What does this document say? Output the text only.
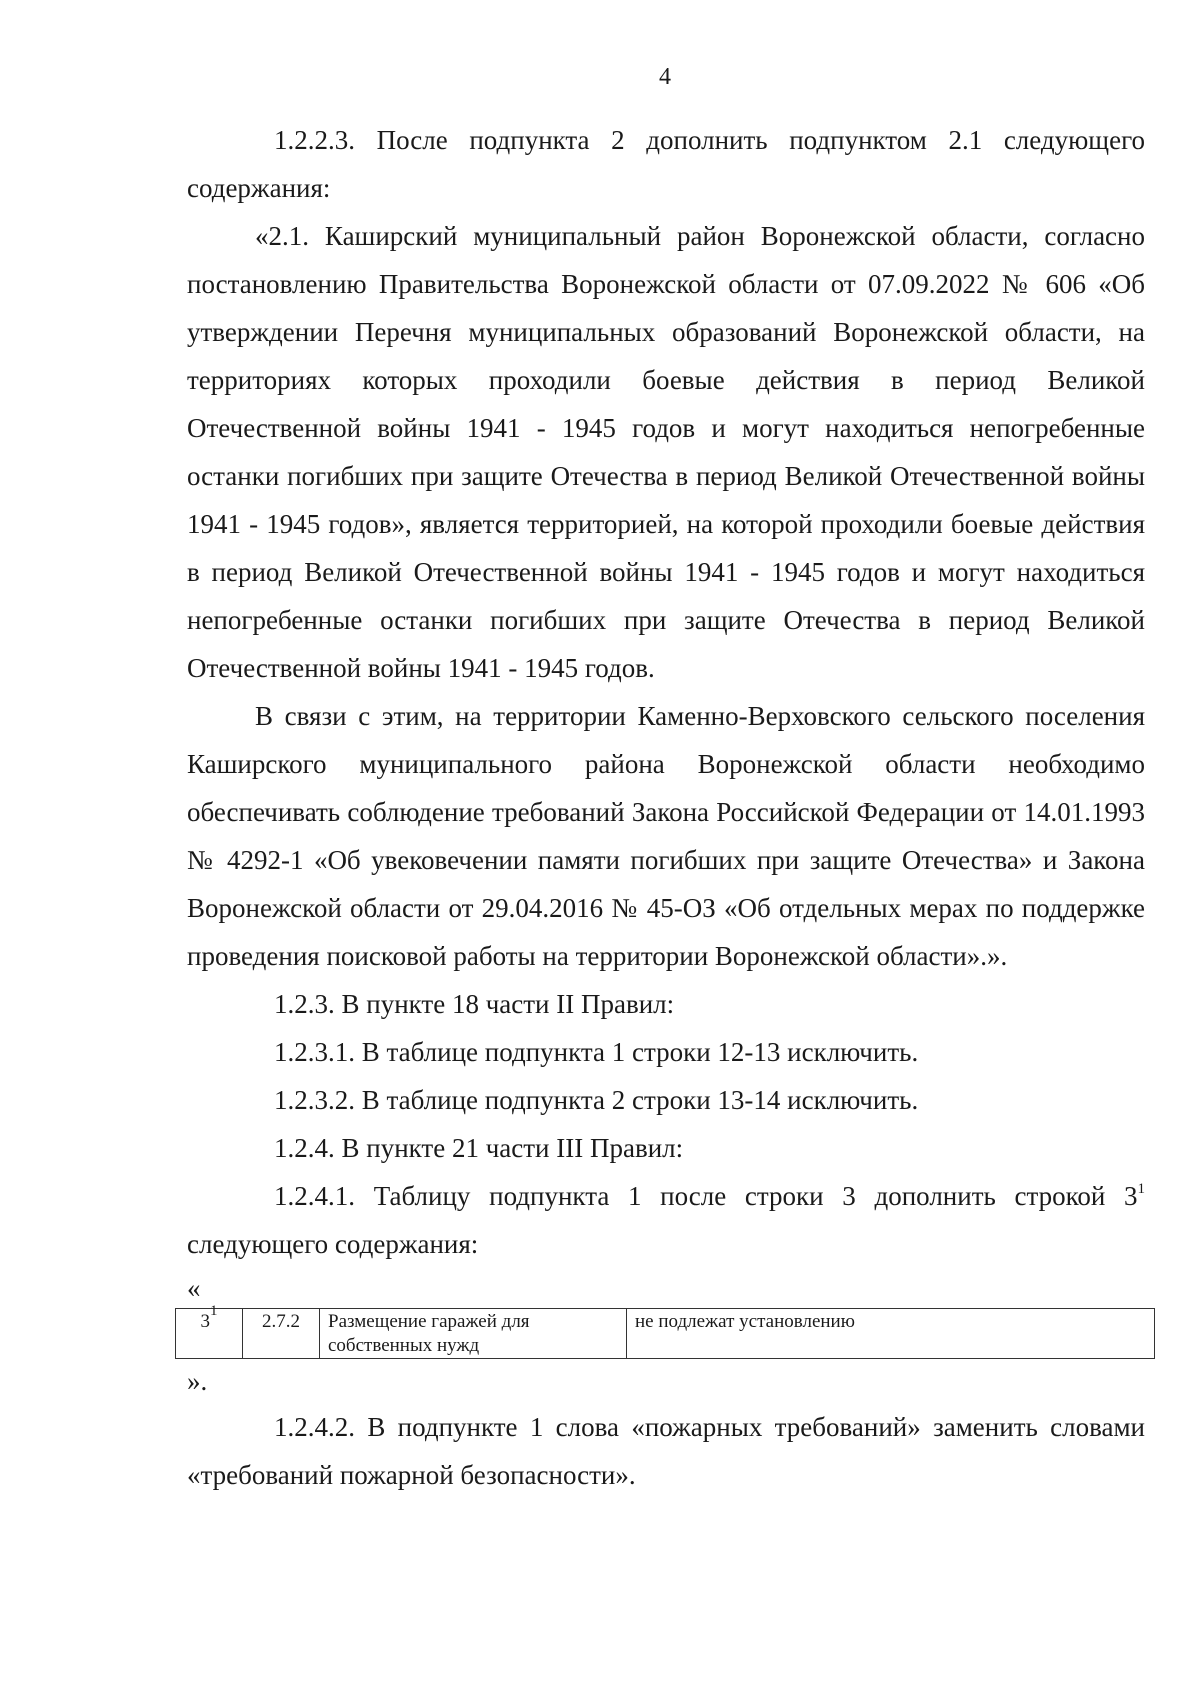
4

1.2.2.3. После подпункта 2 дополнить подпунктом 2.1 следующего содержания:

«2.1. Каширский муниципальный район Воронежской области, согласно постановлению Правительства Воронежской области от 07.09.2022 № 606 «Об утверждении Перечня муниципальных образований Воронежской области, на территориях которых проходили боевые действия в период Великой Отечественной войны 1941 - 1945 годов и могут находиться непогребенные останки погибших при защите Отечества в период Великой Отечественной войны 1941 - 1945 годов», является территорией, на которой проходили боевые действия в период Великой Отечественной войны 1941 - 1945 годов и могут находиться непогребенные останки погибших при защите Отечества в период Великой Отечественной войны 1941 - 1945 годов.

В связи с этим, на территории Каменно-Верховского сельского поселения Каширского муниципального района Воронежской области необходимо обеспечивать соблюдение требований Закона Российской Федерации от 14.01.1993 № 4292-1 «Об увековечении памяти погибших при защите Отечества» и Закона Воронежской области от 29.04.2016 № 45-ОЗ «Об отдельных мерах по поддержке проведения поисковой работы на территории Воронежской области».».

1.2.3. В пункте 18 части II Правил:

1.2.3.1. В таблице подпункта 1 строки 12-13 исключить.

1.2.3.2. В таблице подпункта 2 строки 13-14 исключить.

1.2.4. В пункте 21 части III Правил:

1.2.4.1. Таблицу подпункта 1 после строки 3 дополнить строкой $3^1$ следующего содержания:

«

$3^1$	2.7.2	Размещение гаражей для собственных нужд	не подлежат установлению

».

1.2.4.2. В подпункте 1 слова «пожарных требований» заменить словами «требований пожарной безопасности».
